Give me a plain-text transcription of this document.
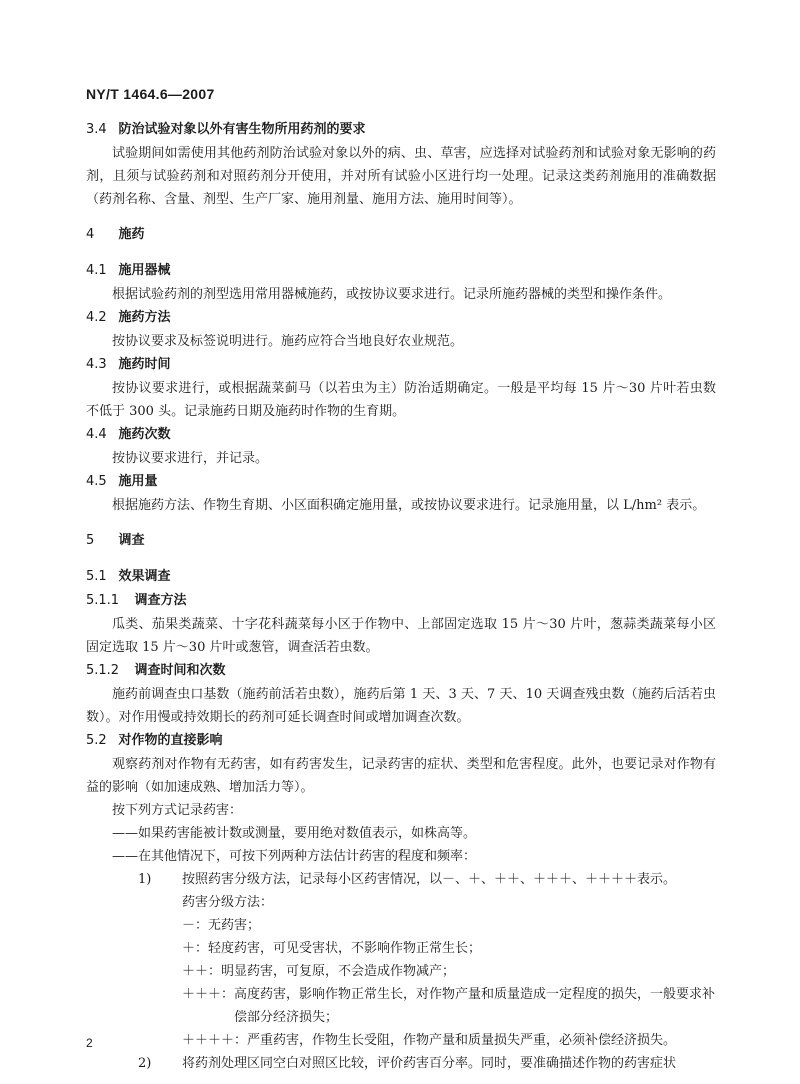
NY/T 1464.6—2007
3.4 防治试验对象以外有害生物所用药剂的要求

试验期间如需使用其他药剂防治试验对象以外的病、虫、草害，应选择对试验药剂和试验对象无影响的药剂，且须与试验药剂和对照药剂分开使用，并对所有试验小区进行均一处理。记录这类药剂施用的准确数据（药剂名称、含量、剂型、生产厂家、施用剂量、施用方法、施用时间等）。

4 施药
4.1 施用器械

根据试验药剂的剂型选用常用器械施药，或按协议要求进行。记录所施药器械的类型和操作条件。

4.2 施药方法

按协议要求及标签说明进行。施药应符合当地良好农业规范。

4.3 施药时间

按协议要求进行，或根据蔬菜蓟马（以若虫为主）防治适期确定。一般是平均每 15 片～30 片叶若虫数不低于 300 头。记录施药日期及施药时作物的生育期。

4.4 施药次数

按协议要求进行，并记录。

4.5 施用量

根据施药方法、作物生育期、小区面积确定施用量，或按协议要求进行。记录施用量，以 L/hm² 表示。

5 调查
5.1 效果调查
5.1.1 调查方法

瓜类、茄果类蔬菜、十字花科蔬菜每小区于作物中、上部固定选取 15 片～30 片叶，葱蒜类蔬菜每小区固定选取 15 片～30 片叶或葱管，调查活若虫数。

5.1.2 调查时间和次数

施药前调查虫口基数（施药前活若虫数），施药后第 1 天、3 天、7 天、10 天调查残虫数（施药后活若虫数）。对作用慢或持效期长的药剂可延长调查时间或增加调查次数。

5.2 对作物的直接影响

观察药剂对作物有无药害，如有药害发生，记录药害的症状、类型和危害程度。此外，也要记录对作物有益的影响（如加速成熟、增加活力等）。

按下列方式记录药害：

——如果药害能被计数或测量，要用绝对数值表示，如株高等。
——在其他情况下，可按下列两种方法估计药害的程度和频率：
1) 按照药害分级方法，记录每小区药害情况，以－、＋、＋＋、＋＋＋、＋＋＋＋表示。
药害分级方法：
－： 无药害；
＋： 轻度药害，可见受害状，不影响作物正常生长；
＋＋： 明显药害，可复原，不会造成作物减产；
＋＋＋： 高度药害，影响作物正常生长，对作物产量和质量造成一定程度的损失，一般要求补偿部分经济损失；
＋＋＋＋： 严重药害，作物生长受阻，作物产量和质量损失严重，必须补偿经济损失。
2) 将药剂处理区同空白对照区比较，评价药害百分率。同时，要准确描述作物的药害症状
2
